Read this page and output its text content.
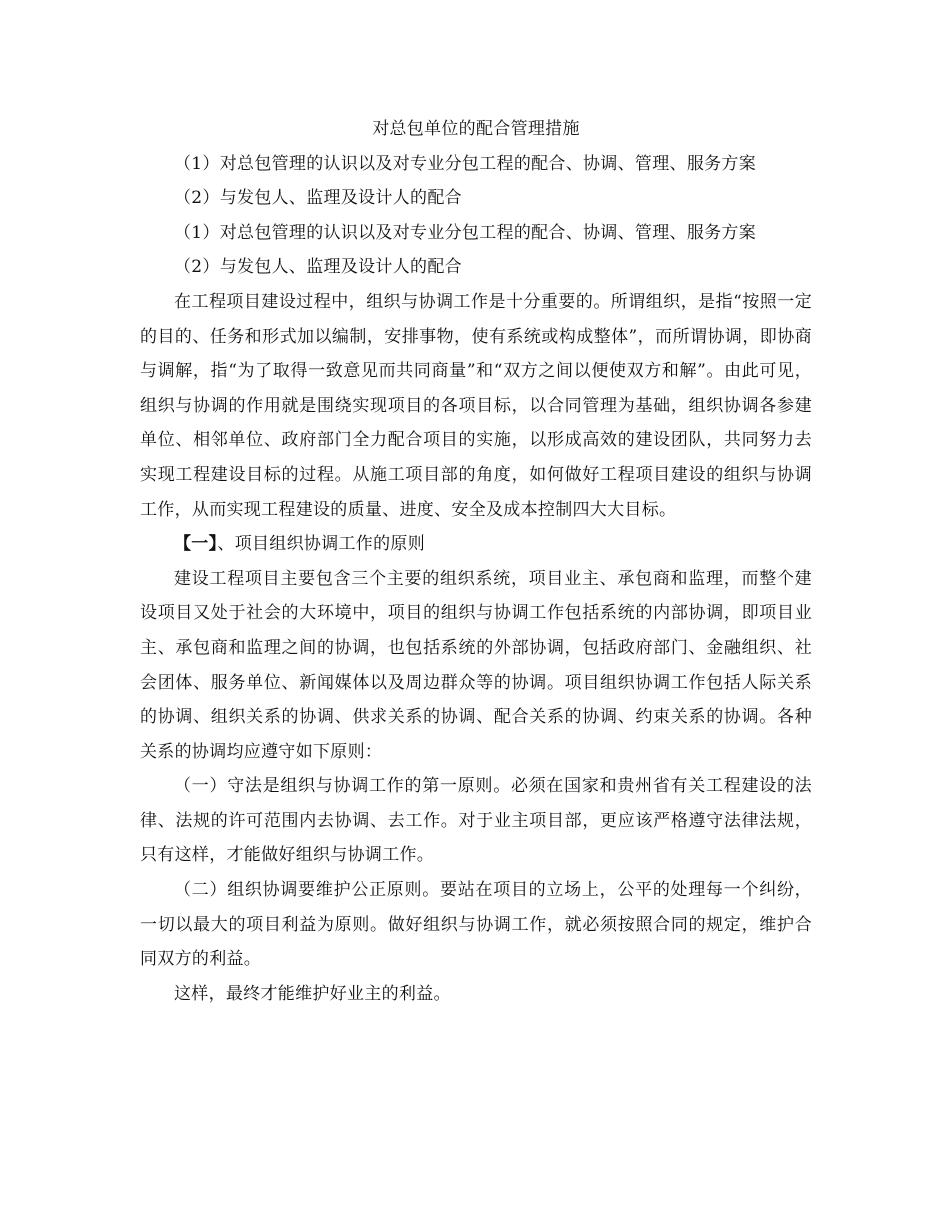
对总包单位的配合管理措施

（1）对总包管理的认识以及对专业分包工程的配合、协调、管理、服务方案

（2）与发包人、监理及设计人的配合

（1）对总包管理的认识以及对专业分包工程的配合、协调、管理、服务方案

（2）与发包人、监理及设计人的配合

在工程项目建设过程中，组织与协调工作是十分重要的。所谓组织，是指“按照一定的目的、任务和形式加以编制，安排事物，使有系统或构成整体”，而所谓协调，即协商与调解，指“为了取得一致意见而共同商量”和“双方之间以便使双方和解”。由此可见，组织与协调的作用就是围绕实现项目的各项目标，以合同管理为基础，组织协调各参建单位、相邻单位、政府部门全力配合项目的实施，以形成高效的建设团队，共同努力去实现工程建设目标的过程。从施工项目部的角度，如何做好工程项目建设的组织与协调工作，从而实现工程建设的质量、进度、安全及成本控制四大大目标。

【一】、项目组织协调工作的原则

建设工程项目主要包含三个主要的组织系统，项目业主、承包商和监理，而整个建设项目又处于社会的大环境中，项目的组织与协调工作包括系统的内部协调，即项目业主、承包商和监理之间的协调，也包括系统的外部协调，包括政府部门、金融组织、社会团体、服务单位、新闻媒体以及周边群众等的协调。项目组织协调工作包括人际关系的协调、组织关系的协调、供求关系的协调、配合关系的协调、约束关系的协调。各种关系的协调均应遵守如下原则：

（一）守法是组织与协调工作的第一原则。必须在国家和贵州省有关工程建设的法律、法规的许可范围内去协调、去工作。对于业主项目部，更应该严格遵守法律法规，只有这样，才能做好组织与协调工作。

（二）组织协调要维护公正原则。要站在项目的立场上，公平的处理每一个纠纷，一切以最大的项目利益为原则。做好组织与协调工作，就必须按照合同的规定，维护合同双方的利益。

这样，最终才能维护好业主的利益。
